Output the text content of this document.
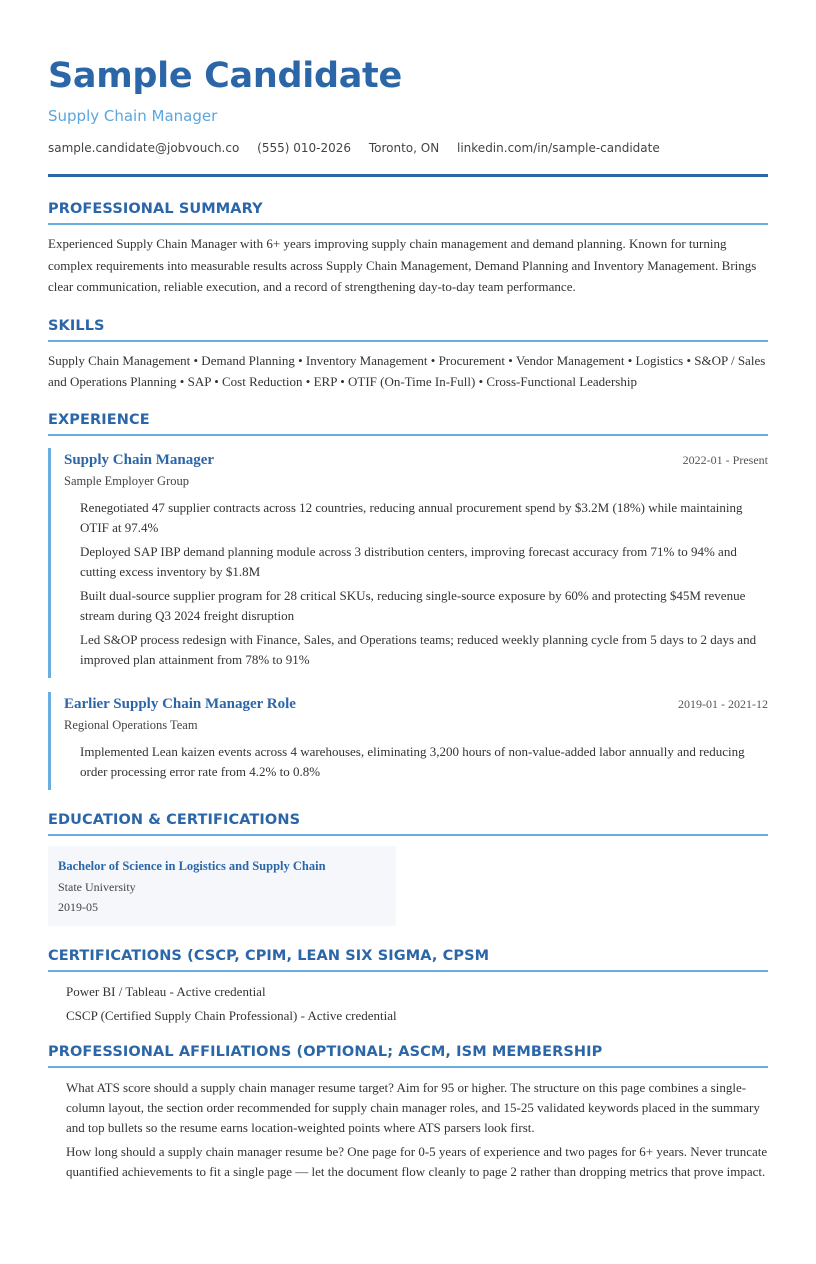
Sample Candidate
Supply Chain Manager
sample.candidate@jobvouch.co (555) 010-2026 Toronto, ON linkedin.com/in/sample-candidate
PROFESSIONAL SUMMARY
Experienced Supply Chain Manager with 6+ years improving supply chain management and demand planning. Known for turning complex requirements into measurable results across Supply Chain Management, Demand Planning and Inventory Management. Brings clear communication, reliable execution, and a record of strengthening day-to-day team performance.
SKILLS
Supply Chain Management • Demand Planning • Inventory Management • Procurement • Vendor Management • Logistics • S&OP / Sales and Operations Planning • SAP • Cost Reduction • ERP • OTIF (On-Time In-Full) • Cross-Functional Leadership
EXPERIENCE
Supply Chain Manager	2022-01 - Present
Sample Employer Group
Renegotiated 47 supplier contracts across 12 countries, reducing annual procurement spend by $3.2M (18%) while maintaining OTIF at 97.4%
Deployed SAP IBP demand planning module across 3 distribution centers, improving forecast accuracy from 71% to 94% and cutting excess inventory by $1.8M
Built dual-source supplier program for 28 critical SKUs, reducing single-source exposure by 60% and protecting $45M revenue stream during Q3 2024 freight disruption
Led S&OP process redesign with Finance, Sales, and Operations teams; reduced weekly planning cycle from 5 days to 2 days and improved plan attainment from 78% to 91%
Earlier Supply Chain Manager Role	2019-01 - 2021-12
Regional Operations Team
Implemented Lean kaizen events across 4 warehouses, eliminating 3,200 hours of non-value-added labor annually and reducing order processing error rate from 4.2% to 0.8%
EDUCATION & CERTIFICATIONS
Bachelor of Science in Logistics and Supply Chain
State University
2019-05
CERTIFICATIONS (CSCP, CPIM, LEAN SIX SIGMA, CPSM
Power BI / Tableau - Active credential
CSCP (Certified Supply Chain Professional) - Active credential
PROFESSIONAL AFFILIATIONS (OPTIONAL; ASCM, ISM MEMBERSHIP
What ATS score should a supply chain manager resume target? Aim for 95 or higher. The structure on this page combines a single-column layout, the section order recommended for supply chain manager roles, and 15-25 validated keywords placed in the summary and top bullets so the resume earns location-weighted points where ATS parsers look first.
How long should a supply chain manager resume be? One page for 0-5 years of experience and two pages for 6+ years. Never truncate quantified achievements to fit a single page — let the document flow cleanly to page 2 rather than dropping metrics that prove impact.
